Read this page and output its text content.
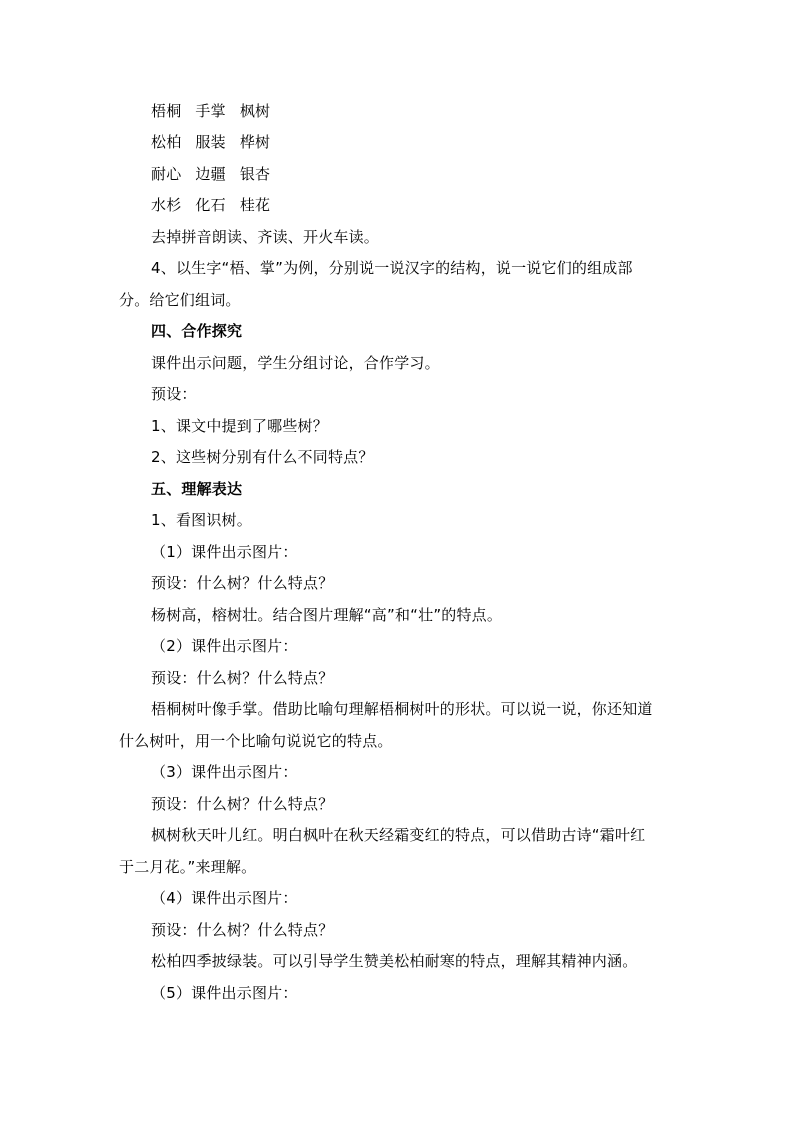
梧桐 手掌 枫树
松柏 服装 桦树
耐心 边疆 银杏
水杉 化石 桂花
去掉拼音朗读、齐读、开火车读。
4、以生字“梧、掌”为例，分别说一说汉字的结构，说一说它们的组成部
分。给它们组词。
四、合作探究
课件出示问题，学生分组讨论，合作学习。
预设：
1、课文中提到了哪些树？
2、这些树分别有什么不同特点？
五、理解表达
1、看图识树。
（1）课件出示图片：
预设：什么树？什么特点？
杨树高，榕树壮。结合图片理解“高”和“壮”的特点。
（2）课件出示图片：
预设：什么树？什么特点？
梧桐树叶像手掌。借助比喻句理解梧桐树叶的形状。可以说一说，你还知道
什么树叶，用一个比喻句说说它的特点。
（3）课件出示图片：
预设：什么树？什么特点？
枫树秋天叶儿红。明白枫叶在秋天经霜变红的特点，可以借助古诗“霜叶红
于二月花。”来理解。
（4）课件出示图片：
预设：什么树？什么特点？
松柏四季披绿装。可以引导学生赞美松柏耐寒的特点，理解其精神内涵。
（5）课件出示图片：
